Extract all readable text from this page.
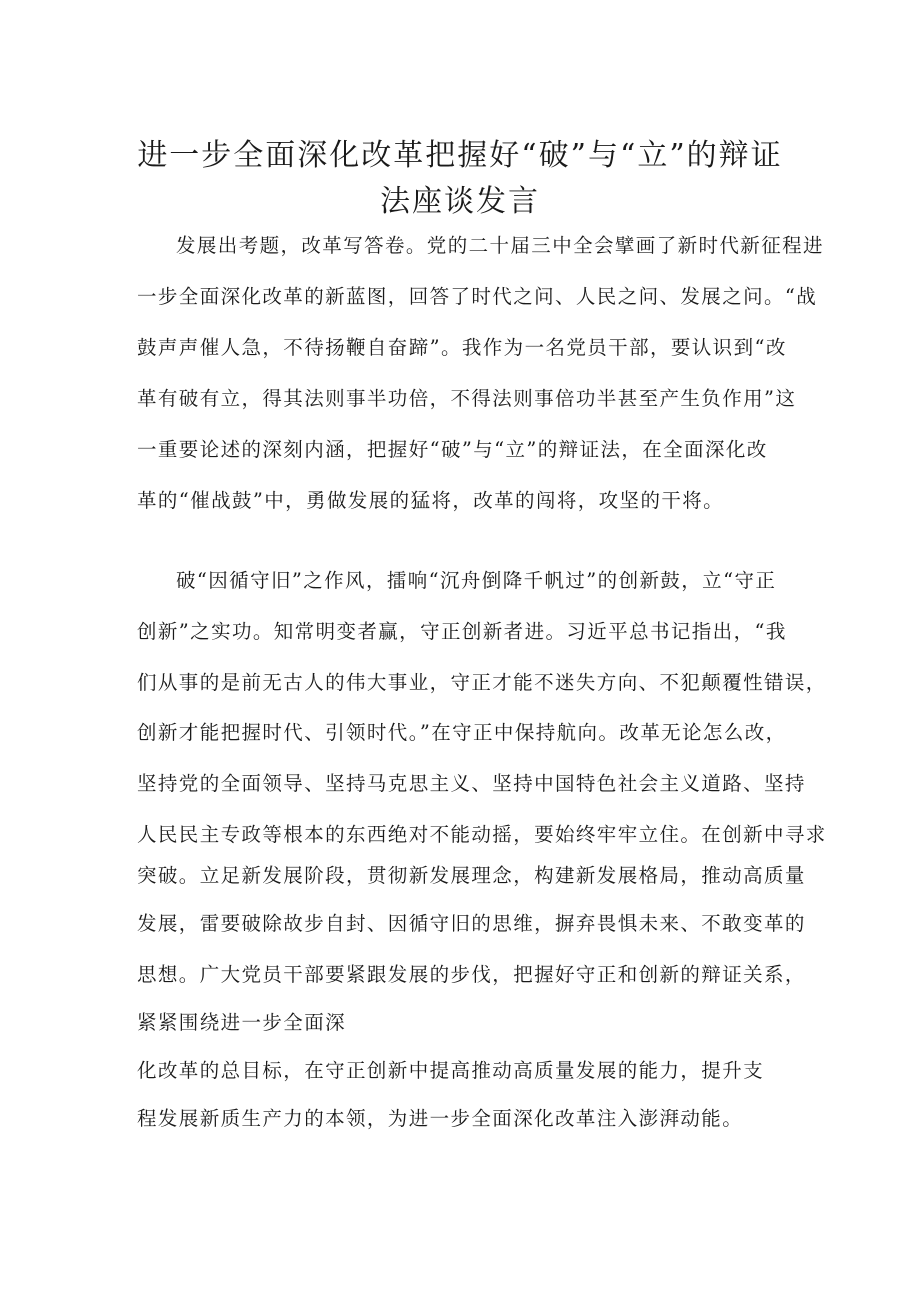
进一步全面深化改革把握好“破”与“立”的辩证
法座谈发言

发展出考题，改革写答卷。党的二十届三中全会擘画了新时代新征程进

一步全面深化改革的新蓝图，回答了时代之问、人民之问、发展之问。“战

鼓声声催人急，不待扬鞭自奋蹄”。我作为一名党员干部，要认识到“改

革有破有立，得其法则事半功倍，不得法则事倍功半甚至产生负作用”这

一重要论述的深刻内涵，把握好“破”与“立”的辩证法，在全面深化改

革的“催战鼓”中，勇做发展的猛将，改革的闯将，攻坚的干将。

破“因循守旧”之作风，擂响“沉舟倒降千帆过”的创新鼓，立“守正

创新”之实功。知常明变者赢，守正创新者进。习近平总书记指出，“我

们从事的是前无古人的伟大事业，守正才能不迷失方向、不犯颠覆性错误，

创新才能把握时代、引领时代。”在守正中保持航向。改革无论怎么改，

坚持党的全面领导、坚持马克思主义、坚持中国特色社会主义道路、坚持

人民民主专政等根本的东西绝对不能动摇，要始终牢牢立住。在创新中寻求

突破。立足新发展阶段，贯彻新发展理念，构建新发展格局，推动高质量

发展，雷要破除故步自封、因循守旧的思维，摒弃畏惧未来、不敢变革的

思想。广大党员干部要紧跟发展的步伐，把握好守正和创新的辩证关系，

紧紧围绕进一步全面深

化改革的总目标，在守正创新中提高推动高质量发展的能力，提升支

程发展新质生产力的本领，为进一步全面深化改革注入澎湃动能。
